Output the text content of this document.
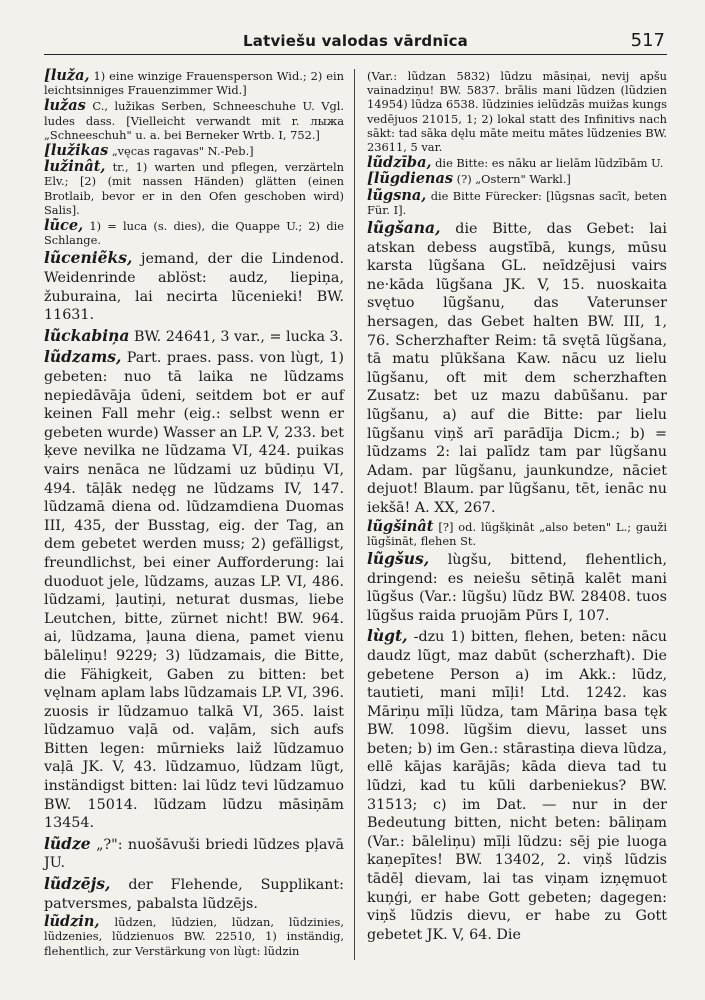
Latviešu valodas vārdnīca	517

[luža, 1) eine winzige Frauensperson Wid.; 2) ein leichtsinniges Frauenzimmer Wid.]

lužas C., lužikas Serben, Schneeschuhe U. Vgl. ludes dass. [Vielleicht verwandt mit r. лыжа „Schneeschuh" u. a. bei Berneker Wrtb. I, 752.]

[lužikas „vęcas ragavas" N.-Peb.]

lužinât, tr., 1) warten und pflegen, verzärteln Elv.; [2) (mit nassen Händen) glätten (einen Brotlaib, bevor er in den Ofen geschoben wird) Salis].

lũce, 1) = luca (s. dies), die Quappe U.; 2) die Schlange.

lũceniẽks, jemand, der die Lindenod. Weidenrinde ablöst: audz, liepiņa, žuburaina, lai necirta lũcenieki! BW. 11631.

lũckabiņa BW. 24641, 3 var., = lucka 3.

lũdzams, Part. praes. pass. von lùgt, 1) gebeten: nuo tā laika ne lũdzams nepiedāvāja ūdeni, seitdem bot er auf keinen Fall mehr (eig.: selbst wenn er gebeten wurde) Wasser an LP. V, 233. bet ķeve nevilka ne lũdzama VI, 424. puikas vairs nenāca ne lũdzami uz būdiņu VI, 494. tāļāk nedęg ne lũdzams IV, 147. lũdzamā diena od. lũdzamdiena Duomas III, 435, der Busstag, eig. der Tag, an dem gebetet werden muss; 2) gefälligst, freundlichst, bei einer Aufforderung: lai duoduot jele, lũdzams, auzas LP. VI, 486. lũdzami, ļautiņi, neturat dusmas, liebe Leutchen, bitte, zürnet nicht! BW. 964. ai, lũdzama, ļauna diena, pamet vienu bāleliņu! 9229; 3) lũdzamais, die Bitte, die Fähigkeit, Gaben zu bitten: bet vęlnam aplam labs lũdzamais LP. VI, 396. zuosis ir lũdzamuo talkā VI, 365. laist lũdzamuo vaļā od. vaļām, sich aufs Bitten legen: mūrnieks laiž lũdzamuo vaļā JK. V, 43. lũdzamuo, lũdzam lũgt, inständigst bitten: lai lũdz tevi lũdzamuo BW. 15014. lũdzam lũdzu māsiņām 13454.

lũdze „?": nuošāvuši briedi lũdzes pļavā JU.

lũdzējs, der Flehende, Supplikant: patversmes, pabalsta lũdzējs.

lũdzin, lũdzen, lũdzien, lũdzan, lũdzinies, lũdzenies, lũdzienuos BW. 22510, 1) inständig, flehentlich, zur Verstärkung von lùgt: lũdzin

(Var.: lũdzan 5832) lũdzu māsiņai, nevij apšu vainadziņu! BW. 5837. brālis mani lũdzen (lũdzien 14954) lũdza 6538. lũdzinies ielũdzās muižas kungs vedējuos 21015, 1; 2) lokal statt des Infinitivs nach sākt: tad sāka dęlu māte meitu mātes lũdzenies BW. 23611, 5 var.

lũdzība, die Bitte: es nāku ar lielām lũdzībām U.

[lũgdienas (?) „Ostern" Warkl.]

lũgsna, die Bitte Fürecker: [lũgsnas sacīt, beten Für. I].

lũgšana, die Bitte, das Gebet: lai atskan debess augstībā, kungs, mūsu karsta lũgšana GL. neīdzējusi vairs ne·kāda lũgšana JK. V, 15. nuoskaita svętuo lũgšanu, das Vaterunser hersagen, das Gebet halten BW. III, 1, 76. Scherzhafter Reim: tā svętā lũgšana, tā matu plūkšana Kaw. nācu uz lielu lũgšanu, oft mit dem scherzhaften Zusatz: bet uz mazu dabūšanu. par lũgšanu, a) auf die Bitte: par lielu lũgšanu viņš arī parādīja Dicm.; b) = lũdzams 2: lai palīdz tam par lũgšanu Adam. par lũgšanu, jaunkundze, nāciet dejuot! Blaum. par lũgšanu, tēt, ienāc nu iekšā! A. XX, 267.

lũgšinât [?] od. lũgšķinât „also beten" L.; gauži lũgšināt, flehen St.

lũgšus, lùgšu, bittend, flehentlich, dringend: es neiešu sētiņā kalēt mani lũgšus (Var.: lũgšu) lũdz BW. 28408. tuos lũgšus raida pruojām Pūrs I, 107.

lùgt, -dzu 1) bitten, flehen, beten: nācu daudz lũgt, maz dabūt (scherzhaft). Die gebetene Person a) im Akk.: lũdz, tautieti, mani mīļi! Ltd. 1242. kas Māriņu mīļi lũdza, tam Māriņa basa tęk BW. 1098. lũgšim dievu, lasset uns beten; b) im Gen.: stārastiņa dieva lũdza, ellē kājas karājās; kāda dieva tad tu lũdzi, kad tu kūli darbeniekus? BW. 31513; c) im Dat. — nur in der Bedeutung bitten, nicht beten: bāliņam (Var.: bāleliņu) mīļi lũdzu: sēj pie luoga kaņepītes! BW. 13402, 2. viņš lũdzis tādēļ dievam, lai tas viņam izņęmuot kuņģi, er habe Gott gebeten; dagegen: viņš lũdzis dievu, er habe zu Gott gebetet JK. V, 64. Die
